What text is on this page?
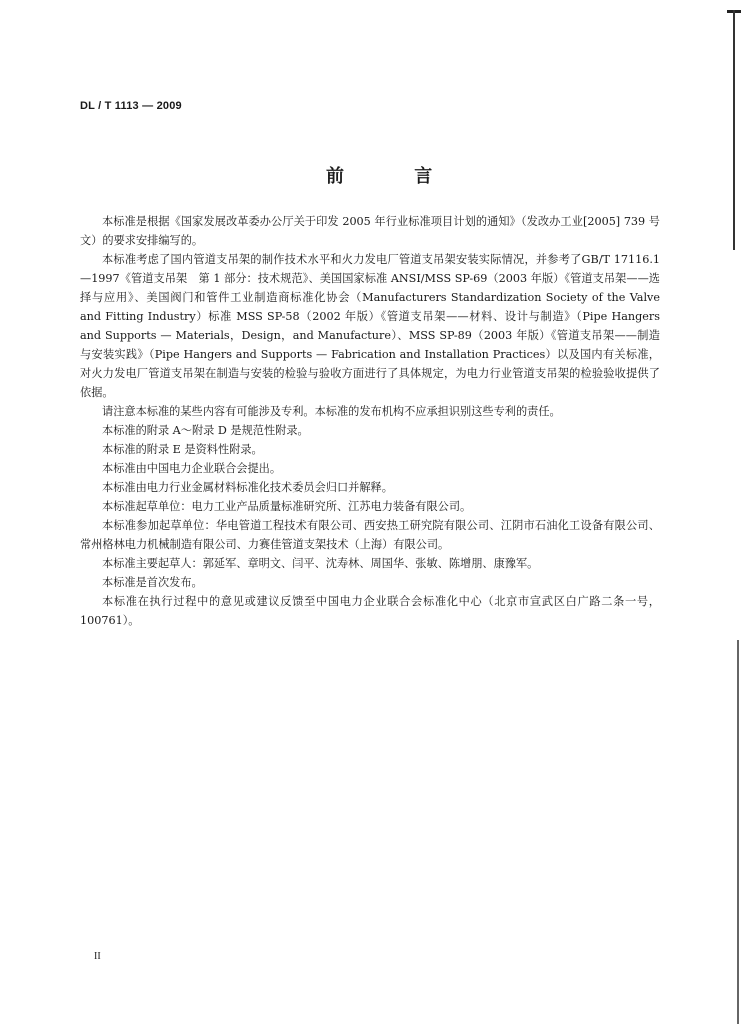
DL / T 1113 — 2009
前 言

本标准是根据《国家发展改革委办公厅关于印发 2005 年行业标准项目计划的通知》（发改办工业[2005] 739 号文）的要求安排编写的。

本标准考虑了国内管道支吊架的制作技术水平和火力发电厂管道支吊架安装实际情况，并参考了GB/T 17116.1—1997《管道支吊架　第 1 部分：技术规范》、美国国家标准 ANSI/MSS SP-69（2003 年版）《管道支吊架——选择与应用》、美国阀门和管件工业制造商标准化协会（Manufacturers Standardization Society of the Valve and Fitting Industry）标准 MSS SP-58（2002 年版）《管道支吊架——材料、设计与制造》（Pipe Hangers and Supports — Materials，Design，and Manufacture）、MSS SP-89（2003 年版）《管道支吊架——制造与安装实践》（Pipe Hangers and Supports — Fabrication and Installation Practices）以及国内有关标准，对火力发电厂管道支吊架在制造与安装的检验与验收方面进行了具体规定，为电力行业管道支吊架的检验验收提供了依据。

请注意本标准的某些内容有可能涉及专利。本标准的发布机构不应承担识别这些专利的责任。

本标准的附录 A～附录 D 是规范性附录。

本标准的附录 E 是资料性附录。

本标准由中国电力企业联合会提出。

本标准由电力行业金属材料标准化技术委员会归口并解释。

本标准起草单位：电力工业产品质量标准研究所、江苏电力装备有限公司。

本标准参加起草单位：华电管道工程技术有限公司、西安热工研究院有限公司、江阴市石油化工设备有限公司、常州格林电力机械制造有限公司、力赛佳管道支架技术（上海）有限公司。

本标准主要起草人：郭延军、章明文、闫平、沈寿林、周国华、张敏、陈增朋、康豫军。

本标准是首次发布。

本标准在执行过程中的意见或建议反馈至中国电力企业联合会标准化中心（北京市宣武区白广路二条一号，100761）。

II
